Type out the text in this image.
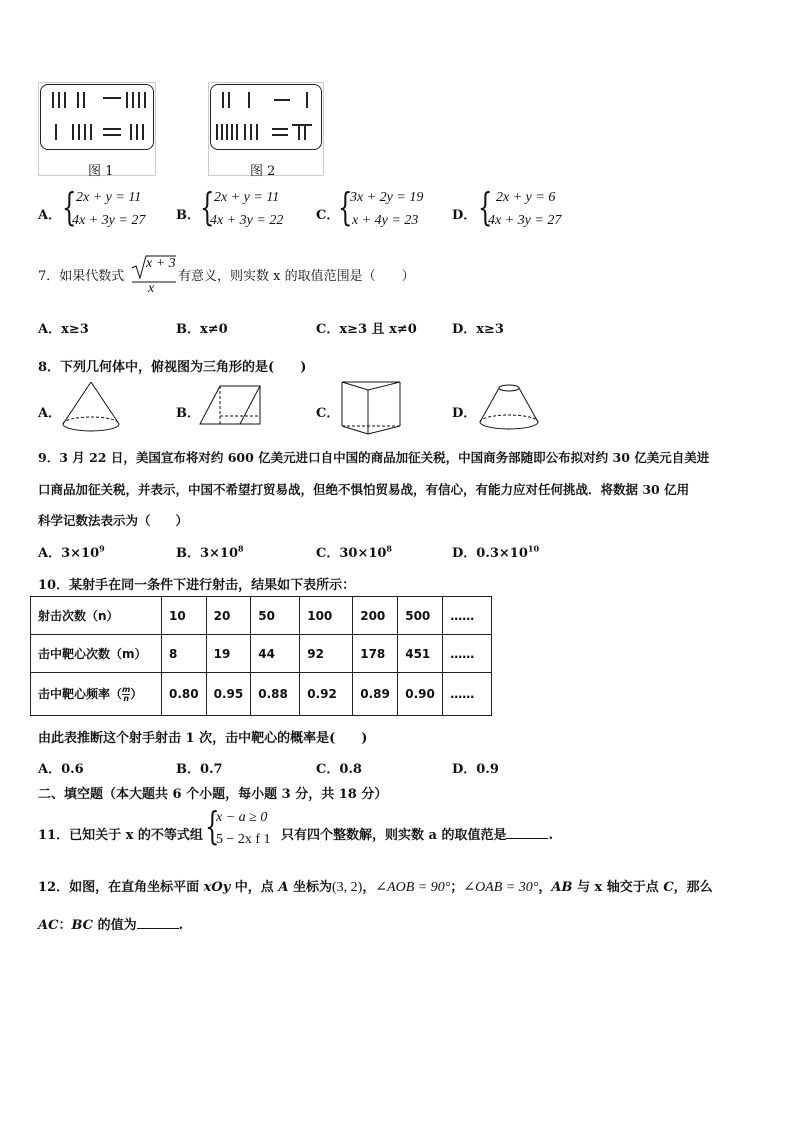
图 1	图 2
A． { 2x + y = 11
4x + 3y = 27 B． { 2x + y = 11
4x + 3y = 22	C．
{
3x + 2y = 19
x + 4y = 23	D． { 2x + y = 6
4x + 3y = 27
7．如果代数式
x + 3
x
有意义，则实数 x 的取值范围是（　　）
A．x≥3	B．x≠0	C．x≥3 且 x≠0	D．x≥3
8．下列几何体中，俯视图为三角形的是(　　)
A．	B．	C．	D．
9．3 月 22 日，美国宣布将对约 600 亿美元进口自中国的商品加征关税，中国商务部随即公布拟对约 30 亿美元自美进
口商品加征关税，并表示，中国不希望打贸易战，但绝不惧怕贸易战，有信心，有能力应对任何挑战．将数据 30 亿用
科学记数法表示为（　　）
A．$3\times 10^9$	B．$3\times 10^8$	C．$30\times 10^8$	D．$0.3\times 10^{10}$
10．某射手在同一条件下进行射击，结果如下表所示：
射击次数（n）	10	20	50	100	200	500	……
击中靶心次数（m）	8	19	44	92	178	451	……
击中靶心频率（$\frac{m}{n}$ ）	0.80	0.95	0.88	0.92	0.89	0.90	……
由此表推断这个射手射击 1 次，击中靶心的概率是(　　)
A．0.6	B．0.7	C．0.8	D．0.9
二、填空题（本大题共 6 个小题，每小题 3 分，共 18 分）
11．已知关于 x 的不等式组 {
x − a ≥ 0
5 − 2x f 1 只有四个整数解，则实数 a 的取值范是	.
12．如图，在直角坐标平面 xOy 中，点 A 坐标为(3, 2)，∠AOB = 90°；∠OAB = 30°，AB 与 x 轴交于点 C，那么
AC：BC 的值为	.
